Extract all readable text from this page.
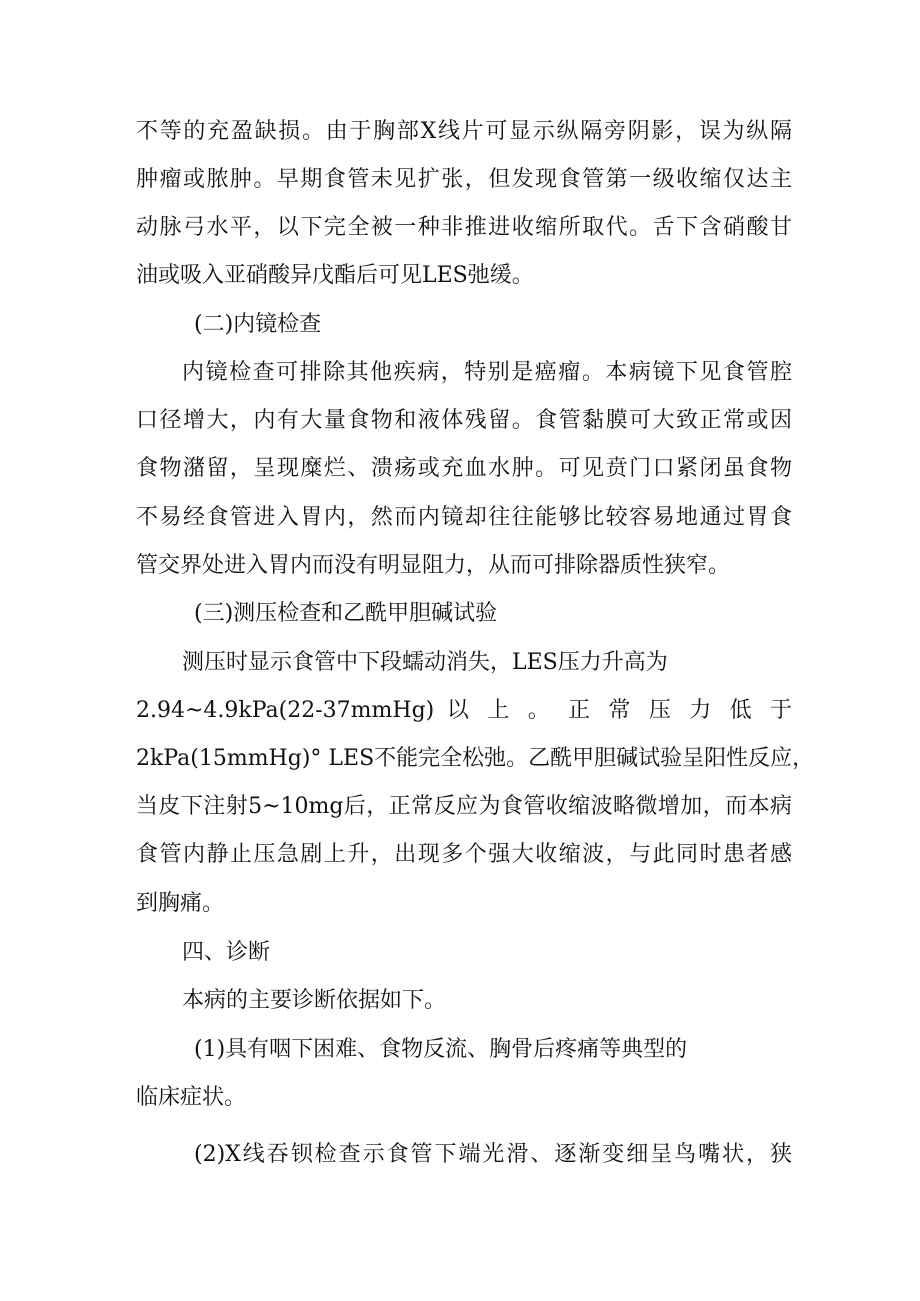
不等的充盈缺损。由于胸部X线片可显示纵隔旁阴影，误为纵隔
肿瘤或脓肿。早期食管未见扩张，但发现食管第一级收缩仅达主
动脉弓水平，以下完全被一种非推进收缩所取代。舌下含硝酸甘
油或吸入亚硝酸异戊酯后可见LES弛缓。
(二)内镜检查
内镜检查可排除其他疾病，特别是癌瘤。本病镜下见食管腔
口径增大，内有大量食物和液体残留。食管黏膜可大致正常或因
食物潴留，呈现糜烂、溃疡或充血水肿。可见贲门口紧闭虽食物
不易经食管进入胃内，然而内镜却往往能够比较容易地通过胃食
管交界处进入胃内而没有明显阻力，从而可排除器质性狭窄。
(三)测压检查和乙酰甲胆碱试验
测压时显示食管中下段蠕动消失，LES压力升高为
2.94~4.9kPa(22-37mmHg) 以 上 。 正 常 压 力 低 于
2kPa(15mmHg)° LES不能完全松弛。乙酰甲胆碱试验呈阳性反应，
当皮下注射5~10mg后，正常反应为食管收缩波略微增加，而本病
食管内静止压急剧上升，出现多个强大收缩波，与此同时患者感
到胸痛。
四、诊断
本病的主要诊断依据如下。
(1)具有咽下困难、食物反流、胸骨后疼痛等典型的
临床症状。
(2)X线吞钡检查示食管下端光滑、逐渐变细呈鸟嘴状，狭
